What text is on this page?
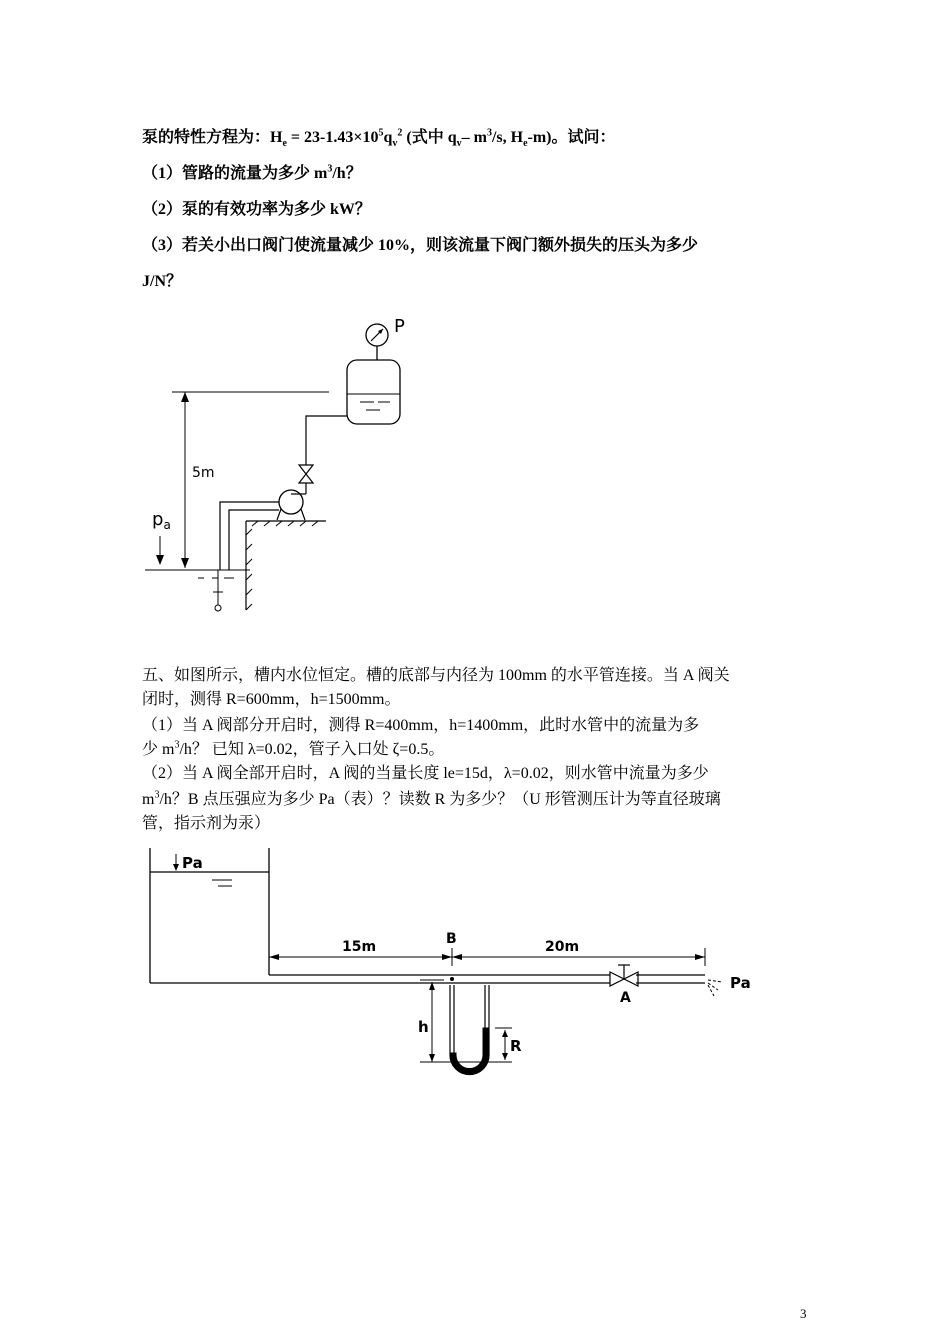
泵的特性方程为：$H_e = 23-1.43\times 10^5q_v^2$ (式中 $q_v-$ $m^3/s$, $H_e-m$)。试问：
（1）管路的流量为多少 $m^3/h$？
（2）泵的有效功率为多少 kW？
（3）若关小出口阀门使流量减少 10%，则该流量下阀门额外损失的压头为多少
J/N？
P
5m
$p_a$
五、如图所示，槽内水位恒定。槽的底部与内径为 100mm 的水平管连接。当 A 阀关
闭时，测得 R=600mm，h=1500mm。
（1）当 A 阀部分开启时，测得 R=400mm，h=1400mm，此时水管中的流量为多
少 $m^3/h$？ 已知 λ=0.02，管子入口处 ζ=0.5。
（2）当 A 阀全部开启时，A 阀的当量长度 le=15d，λ=0.02，则水管中流量为多少
$m^3/h$？B 点压强应为多少 Pa（表）？读数 R 为多少？（U 形管测压计为等直径玻璃
管，指示剂为汞）
Pa
A
Pa
15m	B	20m
h
R
3
